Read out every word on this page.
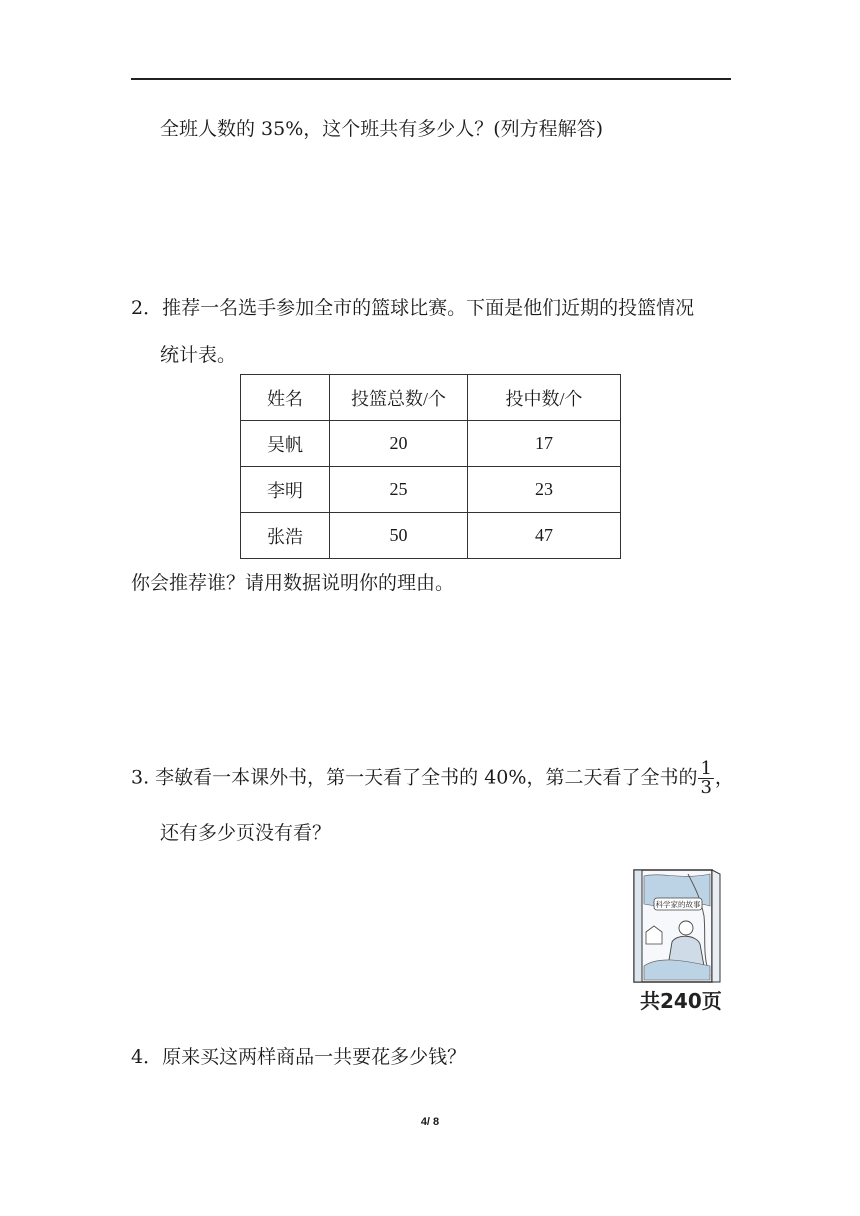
全班人数的 35%，这个班共有多少人？(列方程解答)
2．推荐一名选手参加全市的篮球比赛。下面是他们近期的投篮情况
统计表。
姓名	投篮总数/个	投中数/个
吴帆	20	17
李明	25	23
张浩	50	47
你会推荐谁？请用数据说明你的理由。
3. 李敏看一本课外书，第一天看了全书的 40%，第二天看了全书的 $\frac{1}{3}$ ，
还有多少页没有看？
科学家的故事
共240页
4．原来买这两样商品一共要花多少钱？
4/ 8
